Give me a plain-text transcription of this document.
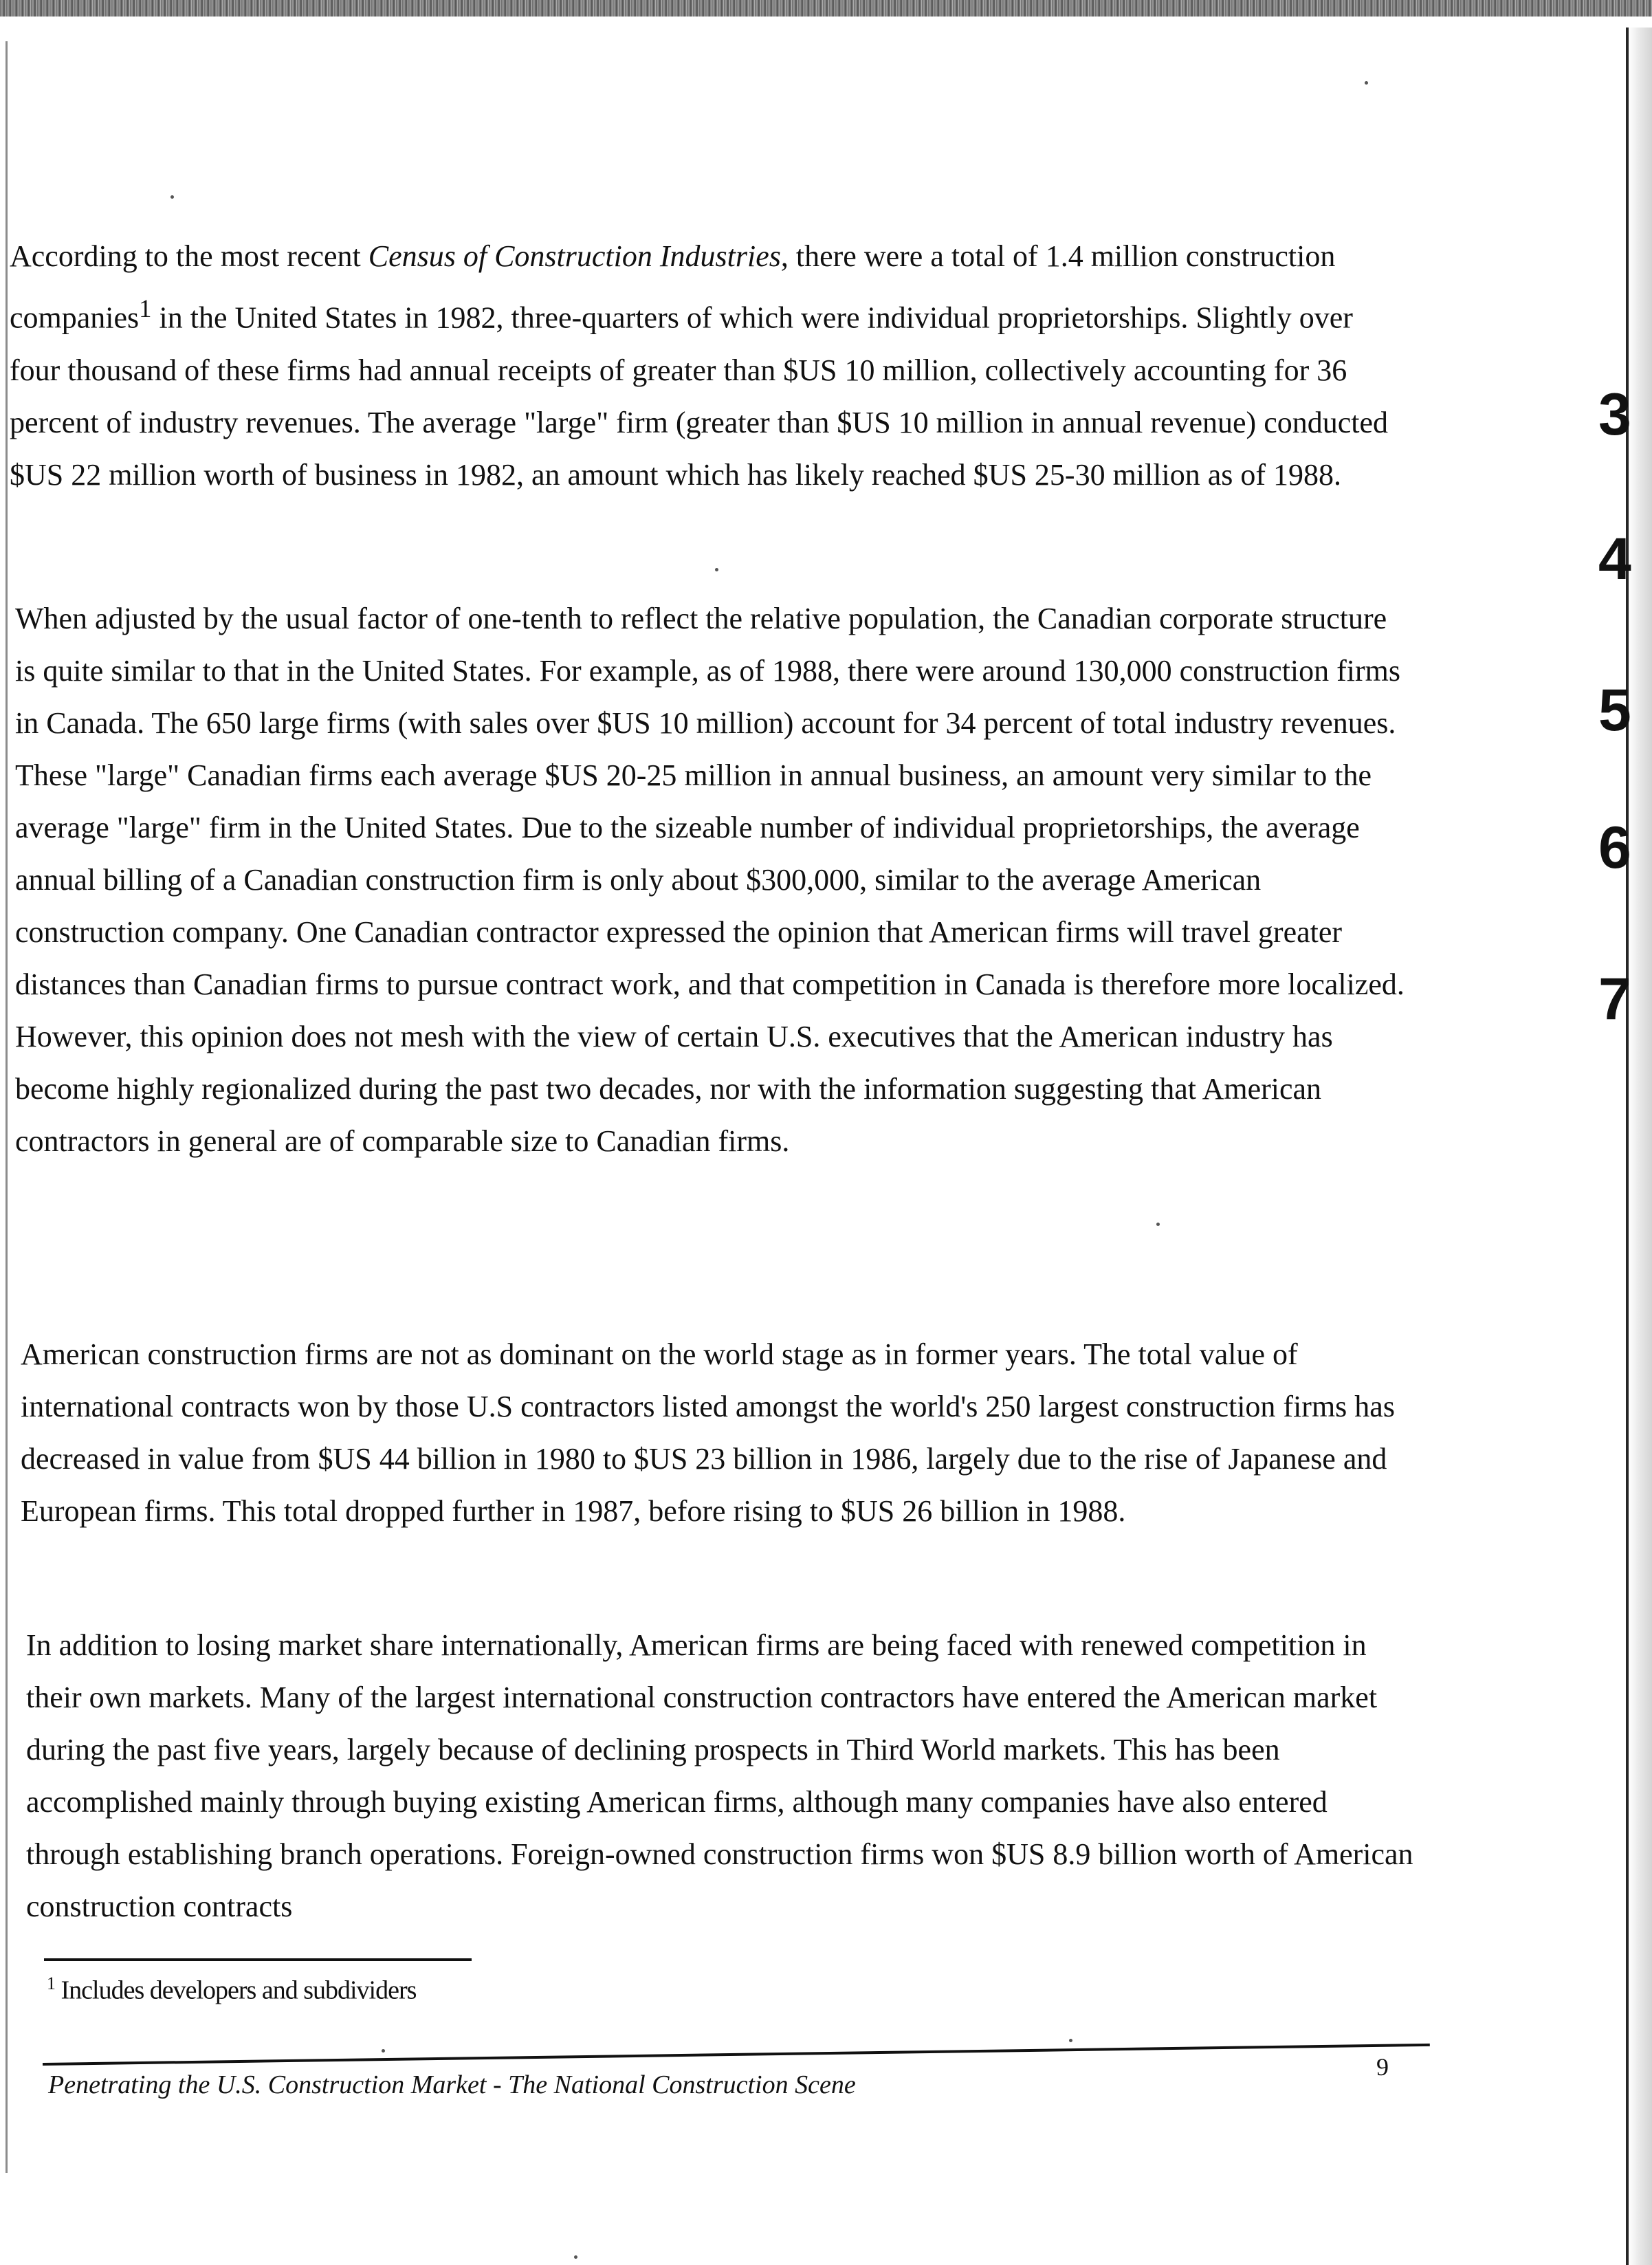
3
4
5
6
7

According to the most recent Census of Construction Industries, there were a total of 1.4 million construction companies$^1$ in the United States in 1982, three-quarters of which were individual proprietorships. Slightly over four thousand of these firms had annual receipts of greater than $US 10 million, collectively accounting for 36 percent of industry revenues. The average "large" firm (greater than $US 10 million in annual revenue) conducted $US 22 million worth of business in 1982, an amount which has likely reached $US 25-30 million as of 1988.

When adjusted by the usual factor of one-tenth to reflect the relative population, the Canadian corporate structure is quite similar to that in the United States. For example, as of 1988, there were around 130,000 construction firms in Canada. The 650 large firms (with sales over $US 10 million) account for 34 percent of total industry revenues. These "large" Canadian firms each average $US 20-25 million in annual business, an amount very similar to the average "large" firm in the United States. Due to the sizeable number of individual proprietorships, the average annual billing of a Canadian construction firm is only about $300,000, similar to the average American construction company. One Canadian contractor expressed the opinion that American firms will travel greater distances than Canadian firms to pursue contract work, and that competition in Canada is therefore more localized. However, this opinion does not mesh with the view of certain U.S. executives that the American industry has become highly regionalized during the past two decades, nor with the information suggesting that American contractors in general are of comparable size to Canadian firms.

American construction firms are not as dominant on the world stage as in former years. The total value of international contracts won by those U.S contractors listed amongst the world's 250 largest construction firms has decreased in value from $US 44 billion in 1980 to $US 23 billion in 1986, largely due to the rise of Japanese and European firms. This total dropped further in 1987, before rising to $US 26 billion in 1988.

In addition to losing market share internationally, American firms are being faced with renewed competition in their own markets. Many of the largest international construction contractors have entered the American market during the past five years, largely because of declining prospects in Third World markets. This has been accomplished mainly through buying existing American firms, although many companies have also entered through establishing branch operations. Foreign-owned construction firms won $US 8.9 billion worth of American construction contracts

$^1$ Includes developers and subdividers
Penetrating the U.S. Construction Market - The National Construction Scene
9
